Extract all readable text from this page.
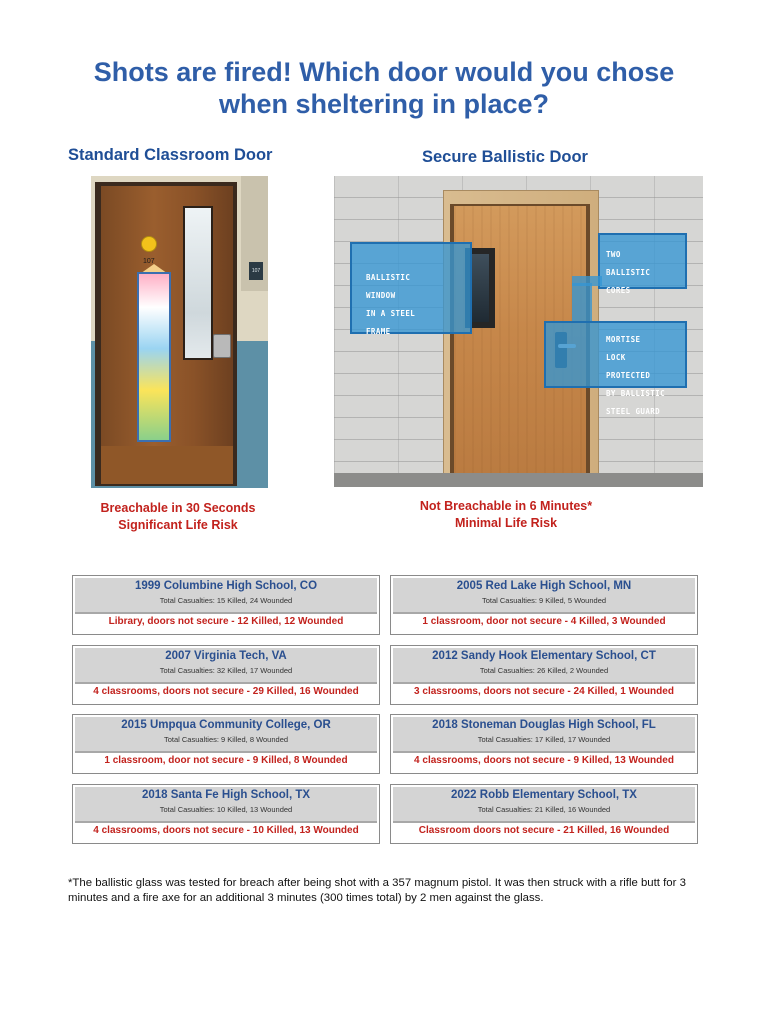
Shots are fired! Which door would you chose
when sheltering in place?
Standard Classroom Door	Secure Ballistic Door
107
107

BALLISTIC

WINDOW

IN A STEEL

FRAME

TWO

BALLISTIC

CORES

MORTISE

LOCK

PROTECTED

BY BALLISTIC

STEEL GUARD

Breachable in 30 Seconds
Significant Life Risk

Not Breachable in 6 Minutes*
Minimal Life Risk

1999 Columbine High School, CO

Total Casualties: 15 Killed, 24 Wounded

Library, doors not secure - 12 Killed, 12 Wounded

2005 Red Lake High School, MN

Total Casualties: 9 Killed, 5 Wounded

1 classroom, door not secure - 4 Killed, 3 Wounded

2007 Virginia Tech, VA

Total Casualties: 32 Killed, 17 Wounded

4 classrooms, doors not secure - 29 Killed, 16 Wounded

2012 Sandy Hook Elementary School, CT

Total Casualties: 26 Killed, 2 Wounded

3 classrooms, doors not secure - 24 Killed, 1 Wounded

2015 Umpqua Community College, OR

Total Casualties: 9 Killed, 8 Wounded

1 classroom, door not secure - 9 Killed, 8 Wounded

2018 Stoneman Douglas High School, FL

Total Casualties: 17 Killed, 17 Wounded

4 classrooms, doors not secure - 9 Killed, 13 Wounded

2018 Santa Fe High School, TX

Total Casualties: 10 Killed, 13 Wounded

4 classrooms, doors not secure - 10 Killed, 13 Wounded

2022 Robb Elementary School, TX

Total Casualties: 21 Killed, 16 Wounded

Classroom doors not secure - 21 Killed, 16 Wounded

*The ballistic glass was tested for breach after being shot with a 357 magnum pistol. It was then struck with a rifle butt for 3 minutes and a fire axe for an additional 3 minutes (300 times total) by 2 men against the glass.
